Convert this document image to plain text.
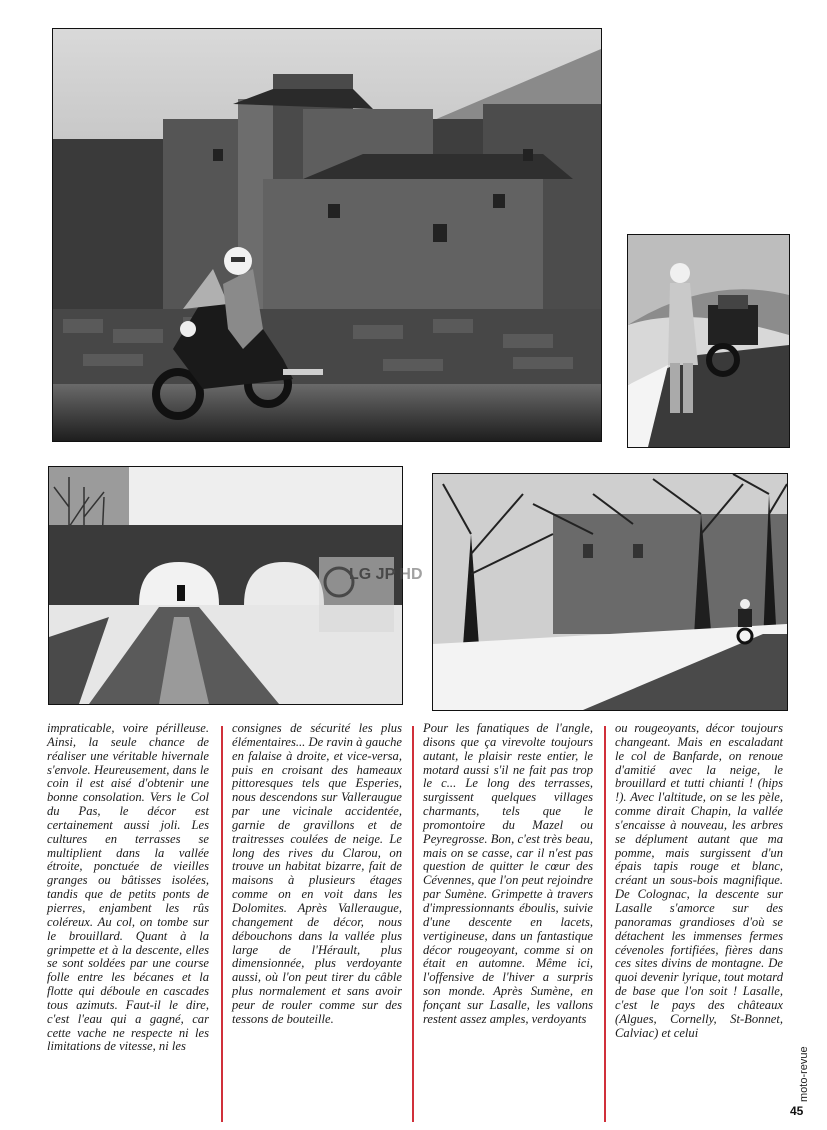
LG JP HD

impraticable, voire périlleuse. Ainsi, la seule chance de réaliser une véritable hivernale s'envole. Heureusement, dans le coin il est aisé d'obtenir une bonne consolation. Vers le Col du Pas, le décor est certainement aussi joli. Les cultures en terrasses se multiplient dans la vallée étroite, ponctuée de vieilles granges ou bâtisses isolées, tandis que de petits ponts de pierres, enjambent les rûs coléreux. Au col, on tombe sur le brouillard. Quant à la grimpette et à la descente, elles se sont soldées par une course folle entre les bécanes et la flotte qui déboule en cascades tous azimuts. Faut-il le dire, c'est l'eau qui a gagné, car cette vache ne respecte ni les limitations de vitesse, ni les

consignes de sécurité les plus élémentaires... De ravin à gauche en falaise à droite, et vice-versa, puis en croisant des hameaux pittoresques tels que Esperies, nous descendons sur Valleraugue par une vicinale accidentée, garnie de gravillons et de traitresses coulées de neige. Le long des rives du Clarou, on trouve un habitat bizarre, fait de maisons à plusieurs étages comme on en voit dans les Dolomites. Après Valleraugue, changement de décor, nous débouchons dans la vallée plus large de l'Hérault, plus dimensionnée, plus verdoyante aussi, où l'on peut tirer du câble plus normalement et sans avoir peur de rouler comme sur des tessons de bouteille.

Pour les fanatiques de l'angle, disons que ça virevolte toujours autant, le plaisir reste entier, le motard aussi s'il ne fait pas trop le c... Le long des terrasses, surgissent quelques villages charmants, tels que le promontoire du Mazel ou Peyregrosse. Bon, c'est très beau, mais on se casse, car il n'est pas question de quitter le cœur des Cévennes, que l'on peut rejoindre par Sumène. Grimpette à travers d'impressionnants éboulis, suivie d'une descente en lacets, vertigineuse, dans un fantastique décor rougeoyant, comme si on était en automne. Même ici, l'offensive de l'hiver a surpris son monde. Après Sumène, en fonçant sur Lasalle, les vallons restent assez amples, verdoyants

ou rougeoyants, décor toujours changeant. Mais en escaladant le col de Banfarde, on renoue d'amitié avec la neige, le brouillard et tutti chianti ! (hips !). Avec l'altitude, on se les pèle, comme dirait Chapin, la vallée s'encaisse à nouveau, les arbres se déplument autant que ma pomme, mais surgissent d'un épais tapis rouge et blanc, créant un sous-bois magnifique. De Colognac, la descente sur Lasalle s'amorce sur des panoramas grandioses d'où se détachent les immenses fermes cévenoles fortifiées, fières dans ces sites divins de montagne. De quoi devenir lyrique, tout motard de base que l'on soit ! Lasalle, c'est le pays des châteaux (Algues, Cornelly, St-Bonnet, Calviac) et celui

moto-revue
45
